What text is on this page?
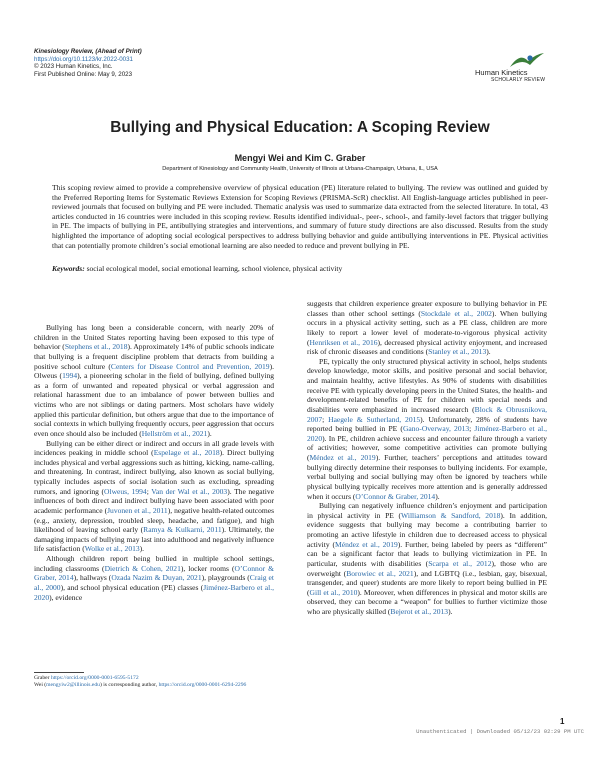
Kinesiology Review, (Ahead of Print)
https://doi.org/10.1123/kr.2022-0031
© 2023 Human Kinetics, Inc.
First Published Online: May 9, 2023	Human Kinetics
SCHOLARLY REVIEW
Bullying and Physical Education: A Scoping Review
Mengyi Wei and Kim C. Graber
Department of Kinesiology and Community Health, University of Illinois at Urbana-Champaign, Urbana, IL, USA
This scoping review aimed to provide a comprehensive overview of physical education (PE) literature related to bullying. The review was outlined and guided by the Preferred Reporting Items for Systematic Reviews Extension for Scoping Reviews (PRISMA-ScR) checklist. All English-language articles published in peer-reviewed journals that focused on bullying and PE were included. Thematic analysis was used to summarize data extracted from the selected literature. In total, 43 articles conducted in 16 countries were included in this scoping review. Results identified individual-, peer-, school-, and family-level factors that trigger bullying in PE. The impacts of bullying in PE, antibullying strategies and interventions, and summary of future study directions are also discussed. Results from the study highlighted the importance of adopting social ecological perspectives to address bullying behavior and guide antibullying interventions in PE. Physical activities that can potentially promote children’s social emotional learning are also needed to reduce and prevent bullying in PE.
Keywords: social ecological model, social emotional learning, school violence, physical activity

Bullying has long been a considerable concern, with nearly 20% of children in the United States reporting having been exposed to this type of behavior (Stephens et al., 2018). Approximately 14% of public schools indicate that bullying is a frequent discipline problem that detracts from building a positive school culture (Centers for Disease Control and Prevention, 2019). Olweus (1994), a pioneering scholar in the field of bullying, defined bullying as a form of unwanted and repeated physical or verbal aggression and relational harassment due to an imbalance of power between bullies and victims who are not siblings or dating partners. Most scholars have widely applied this particular definition, but others argue that due to the importance of social contexts in which bullying frequently occurs, peer aggression that occurs even once should also be included (Hellström et al., 2021).

Bullying can be either direct or indirect and occurs in all grade levels with incidences peaking in middle school (Espelage et al., 2018). Direct bullying includes physical and verbal aggressions such as hitting, kicking, name-calling, and threatening. In contrast, indirect bullying, also known as social bullying, typically includes aspects of social isolation such as excluding, spreading rumors, and ignoring (Olweus, 1994; Van der Wal et al., 2003). The negative influences of both direct and indirect bullying have been associated with poor academic performance (Juvonen et al., 2011), negative health-related outcomes (e.g., anxiety, depression, troubled sleep, headache, and fatigue), and high likelihood of leaving school early (Ramya & Kulkarni, 2011). Ultimately, the damaging impacts of bullying may last into adulthood and negatively influence life satisfaction (Wolke et al., 2013).

Although children report being bullied in multiple school settings, including classrooms (Dietrich & Cohen, 2021), locker rooms (O’Connor & Graber, 2014), hallways (Ozada Nazim & Duyan, 2021), playgrounds (Craig et al., 2000), and school physical education (PE) classes (Jiménez-Barbero et al., 2020), evidence

suggests that children experience greater exposure to bullying behavior in PE classes than other school settings (Stockdale et al., 2002). When bullying occurs in a physical activity setting, such as a PE class, children are more likely to report a lower level of moderate-to-vigorous physical activity (Henriksen et al., 2016), decreased physical activity enjoyment, and increased risk of chronic diseases and conditions (Stanley et al., 2013).

PE, typically the only structured physical activity in school, helps students develop knowledge, motor skills, and positive personal and social behavior, and maintain healthy, active lifestyles. As 90% of students with disabilities receive PE with typically developing peers in the United States, the health- and development-related benefits of PE for children with special needs and disabilities were emphasized in increased research (Block & Obrusnikova, 2007; Haegele & Sutherland, 2015). Unfortunately, 28% of students have reported being bullied in PE (Gano-Overway, 2013; Jiménez-Barbero et al., 2020). In PE, children achieve success and encounter failure through a variety of activities; however, some competitive activities can promote bullying (Méndez et al., 2019). Further, teachers’ perceptions and attitudes toward bullying directly determine their responses to bullying incidents. For example, verbal bullying and social bullying may often be ignored by teachers while physical bullying typically receives more attention and is generally addressed when it occurs (O’Connor & Graber, 2014).

Bullying can negatively influence children’s enjoyment and participation in physical activity in PE (Williamson & Sandford, 2018). In addition, evidence suggests that bullying may become a contributing barrier to promoting an active lifestyle in children due to decreased access to physical activity (Méndez et al., 2019). Further, being labeled by peers as “different” can be a significant factor that leads to bullying victimization in PE. In particular, students with disabilities (Scarpa et al., 2012), those who are overweight (Borowiec et al., 2021), and LGBTQ (i.e., lesbian, gay, bisexual, transgender, and queer) students are more likely to report being bullied in PE (Gill et al., 2010). Moreover, when differences in physical and motor skills are observed, they can become a “weapon” for bullies to further victimize those who are physically skilled (Bejerot et al., 2013).

Graber https://orcid.org/0000-0001-6595-5172
Wei (mengyiw2@illinois.edu) is corresponding author, https://orcid.org/0000-0001-6294-2296
1
Unauthenticated | Downloaded 05/12/23 02:29 PM UTC
